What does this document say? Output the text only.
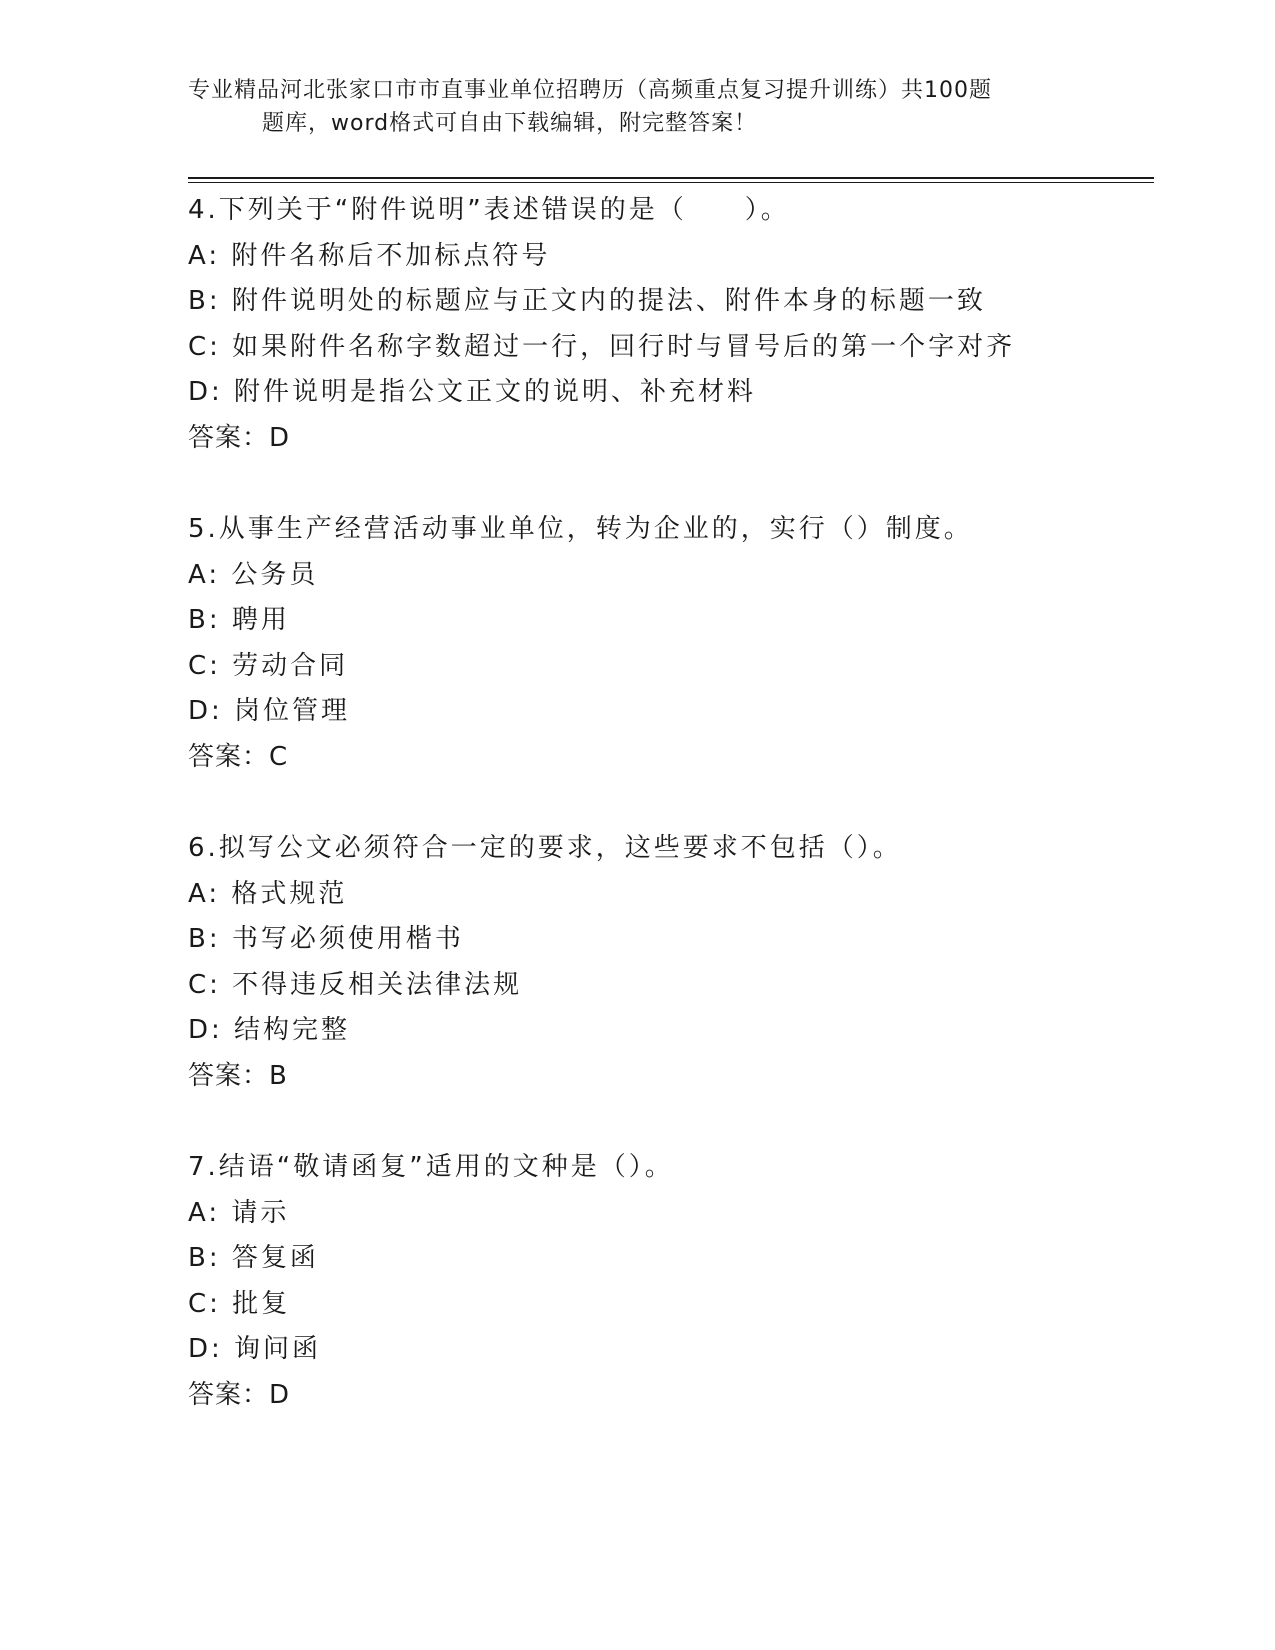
专业精品河北张家口市市直事业单位招聘历（高频重点复习提升训练）共100题
题库，word格式可自由下载编辑，附完整答案！
4.下列关于“附件说明”表述错误的是（　　）。
A: 附件名称后不加标点符号
B: 附件说明处的标题应与正文内的提法、附件本身的标题一致
C: 如果附件名称字数超过一行，回行时与冒号后的第一个字对齐
D: 附件说明是指公文正文的说明、补充材料
答案：D
5.从事生产经营活动事业单位，转为企业的，实行（）制度。
A: 公务员
B: 聘用
C: 劳动合同
D: 岗位管理
答案：C
6.拟写公文必须符合一定的要求，这些要求不包括（）。
A: 格式规范
B: 书写必须使用楷书
C: 不得违反相关法律法规
D: 结构完整
答案：B
7.结语“敬请函复”适用的文种是（）。
A: 请示
B: 答复函
C: 批复
D: 询问函
答案：D
